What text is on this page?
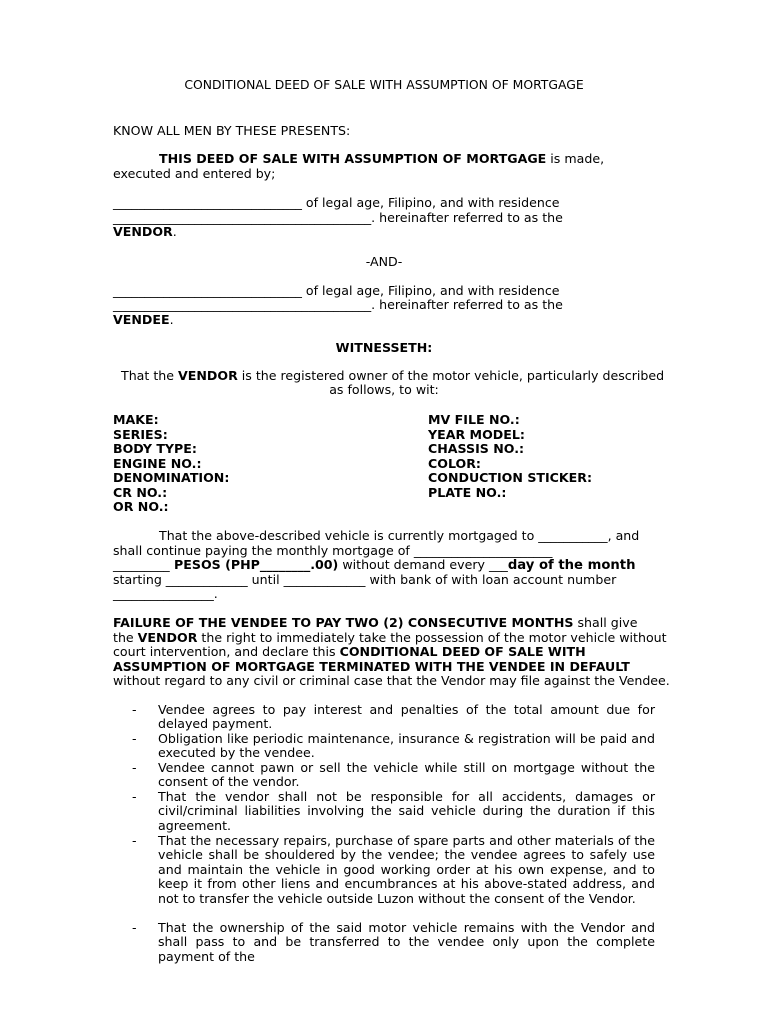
CONDITIONAL DEED OF SALE WITH ASSUMPTION OF MORTGAGE
KNOW ALL MEN BY THESE PRESENTS:
THIS DEED OF SALE WITH ASSUMPTION OF MORTGAGE is made,
executed and entered by;
______________________________ of legal age, Filipino, and with residence
_________________________________________. hereinafter referred to as the
VENDOR.
-AND-
______________________________ of legal age, Filipino, and with residence
_________________________________________. hereinafter referred to as the
VENDEE.
WITNESSETH:
That the VENDOR is the registered owner of the motor vehicle, particularly described
as follows, to wit:
MAKE:
SERIES:
BODY TYPE:
ENGINE NO.:
DENOMINATION:
CR NO.:
OR NO.:
MV FILE NO.:
YEAR MODEL:
CHASSIS NO.:
COLOR:
CONDUCTION STICKER:
PLATE NO.:
That the above-described vehicle is currently mortgaged to ___________, and
shall continue paying the monthly mortgage of ______________________
_________ PESOS (PHP________.00) without demand every ___day of the month
starting _____________ until _____________ with bank of with loan account number
________________.
FAILURE OF THE VENDEE TO PAY TWO (2) CONSECUTIVE MONTHS shall give
the VENDOR the right to immediately take the possession of the motor vehicle without
court intervention, and declare this CONDITIONAL DEED OF SALE WITH
ASSUMPTION OF MORTGAGE TERMINATED WITH THE VENDEE IN DEFAULT
without regard to any civil or criminal case that the Vendor may file against the Vendee.
- Vendee agrees to pay interest and penalties of the total amount due for delayed payment.
- Obligation like periodic maintenance, insurance & registration will be paid and executed by the vendee.
- Vendee cannot pawn or sell the vehicle while still on mortgage without the consent of the vendor.
- That the vendor shall not be responsible for all accidents, damages or civil/criminal liabilities involving the said vehicle during the duration if this agreement.
- That the necessary repairs, purchase of spare parts and other materials of the vehicle shall be shouldered by the vendee; the vendee agrees to safely use and maintain the vehicle in good working order at his own expense, and to keep it from other liens and encumbrances at his above-stated address, and not to transfer the vehicle outside Luzon without the consent of the Vendor.
- That the ownership of the said motor vehicle remains with the Vendor and shall pass to and be transferred to the vendee only upon the complete payment of the
